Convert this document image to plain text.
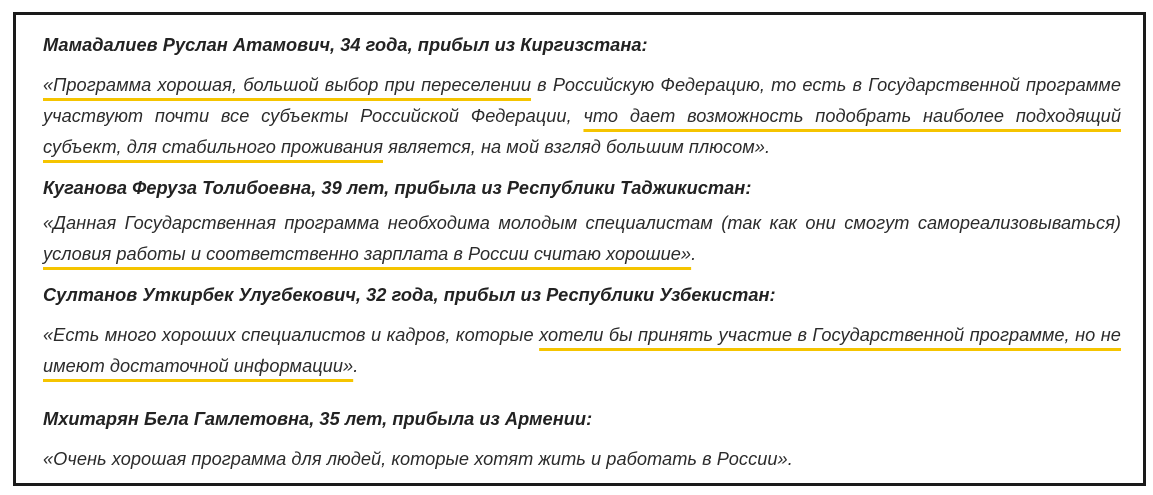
Мамадалиев Руслан Атамович, 34 года, прибыл из Киргизстана:

«Программа хорошая, большой выбор при переселении в Российскую Федерацию, то есть в Государственной программе участвуют почти все субъекты Российской Федерации, что дает возможность подобрать наиболее подходящий субъект, для стабильного проживания является, на мой взгляд большим плюсом».

Куганова Феруза Толибоевна, 39 лет, прибыла из Республики Таджикистан:

«Данная Государственная программа необходима молодым специалистам (так как они смогут самореализовываться) условия работы и соответственно зарплата в России считаю хорошие».

Султанов Уткирбек Улугбекович, 32 года, прибыл из Республики Узбекистан:

«Есть много хороших специалистов и кадров, которые хотели бы принять участие в Государственной программе, но не имеют достаточной информации».

Мхитарян Бела Гамлетовна, 35 лет, прибыла из Армении:

«Очень хорошая программа для людей, которые хотят жить и работать в России».
